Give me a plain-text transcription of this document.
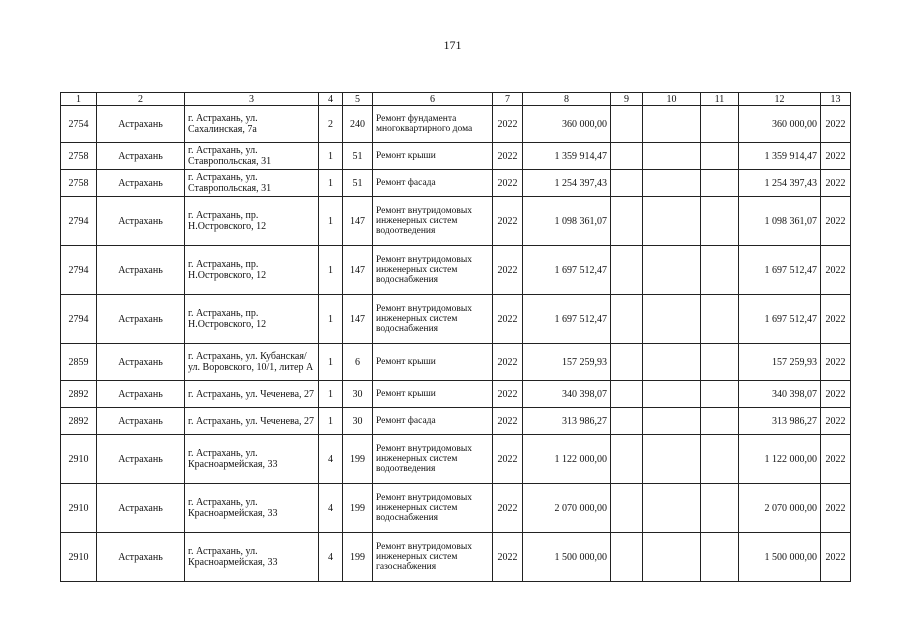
171
1	2	3	4	5	6	7	8	9	10	11	12	13
2754	Астрахань	г. Астрахань, ул. Сахалинская, 7а	2	240	Ремонт фундамента многоквартирного дома	2022	360 000,00				360 000,00	2022
2758	Астрахань	г. Астрахань, ул. Ставропольская, 31	1	51	Ремонт крыши	2022	1 359 914,47				1 359 914,47	2022
2758	Астрахань	г. Астрахань, ул. Ставропольская, 31	1	51	Ремонт фасада	2022	1 254 397,43				1 254 397,43	2022
2794	Астрахань	г. Астрахань, пр. Н.Островского, 12	1	147	Ремонт внутридомовых инженерных систем водоотведения	2022	1 098 361,07				1 098 361,07	2022
2794	Астрахань	г. Астрахань, пр. Н.Островского, 12	1	147	Ремонт внутридомовых инженерных систем водоснабжения	2022	1 697 512,47				1 697 512,47	2022
2794	Астрахань	г. Астрахань, пр. Н.Островского, 12	1	147	Ремонт внутридомовых инженерных систем водоснабжения	2022	1 697 512,47				1 697 512,47	2022
2859	Астрахань	г. Астрахань, ул. Кубанская/ ул. Воровского, 10/1, литер А	1	6	Ремонт крыши	2022	157 259,93				157 259,93	2022
2892	Астрахань	г. Астрахань, ул. Чеченева, 27	1	30	Ремонт крыши	2022	340 398,07				340 398,07	2022
2892	Астрахань	г. Астрахань, ул. Чеченева, 27	1	30	Ремонт фасада	2022	313 986,27				313 986,27	2022
2910	Астрахань	г. Астрахань, ул. Красноармейская, 33	4	199	Ремонт внутридомовых инженерных систем водоотведения	2022	1 122 000,00				1 122 000,00	2022
2910	Астрахань	г. Астрахань, ул. Красноармейская, 33	4	199	Ремонт внутридомовых инженерных систем водоснабжения	2022	2 070 000,00				2 070 000,00	2022
2910	Астрахань	г. Астрахань, ул. Красноармейская, 33	4	199	Ремонт внутридомовых инженерных систем газоснабжения	2022	1 500 000,00				1 500 000,00	2022
